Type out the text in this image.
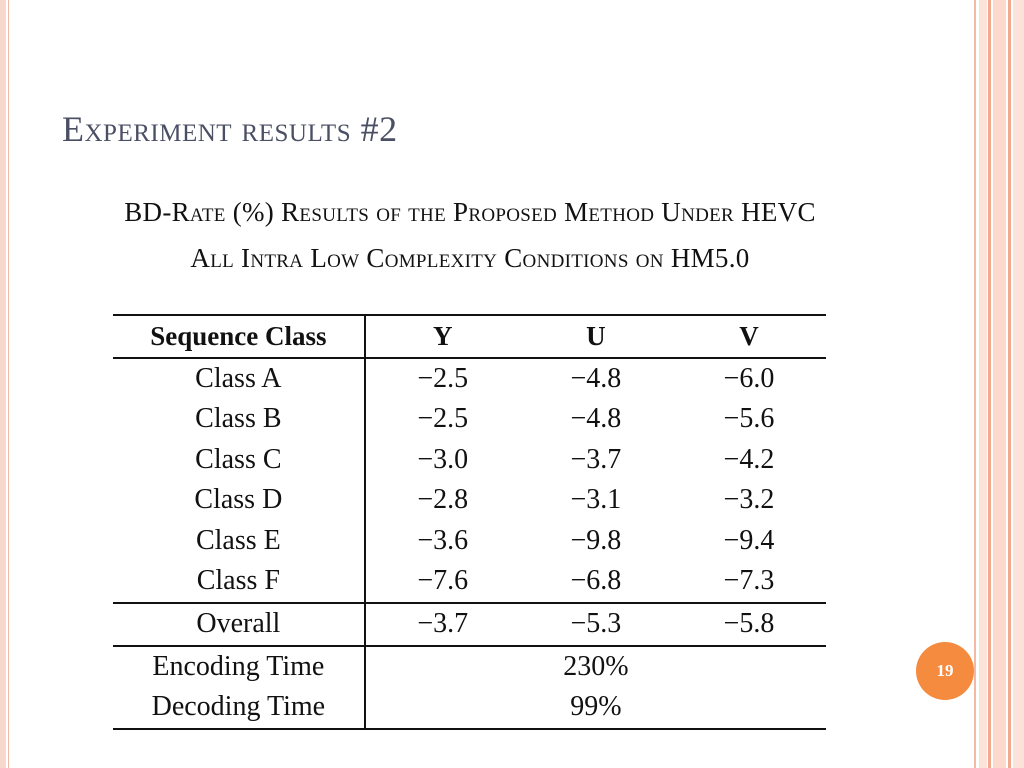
Experiment results #2

BD-Rate (%) Results of the Proposed Method Under HEVC

All Intra Low Complexity Conditions on HM5.0

Sequence Class	Y	U	V
Class A	−2.5	−4.8	−6.0
Class B	−2.5	−4.8	−5.6
Class C	−3.0	−3.7	−4.2
Class D	−2.8	−3.1	−3.2
Class E	−3.6	−9.8	−9.4
Class F	−7.6	−6.8	−7.3
Overall	−3.7	−5.3	−5.8
Encoding Time	230%		
Decoding Time	99%		
19
